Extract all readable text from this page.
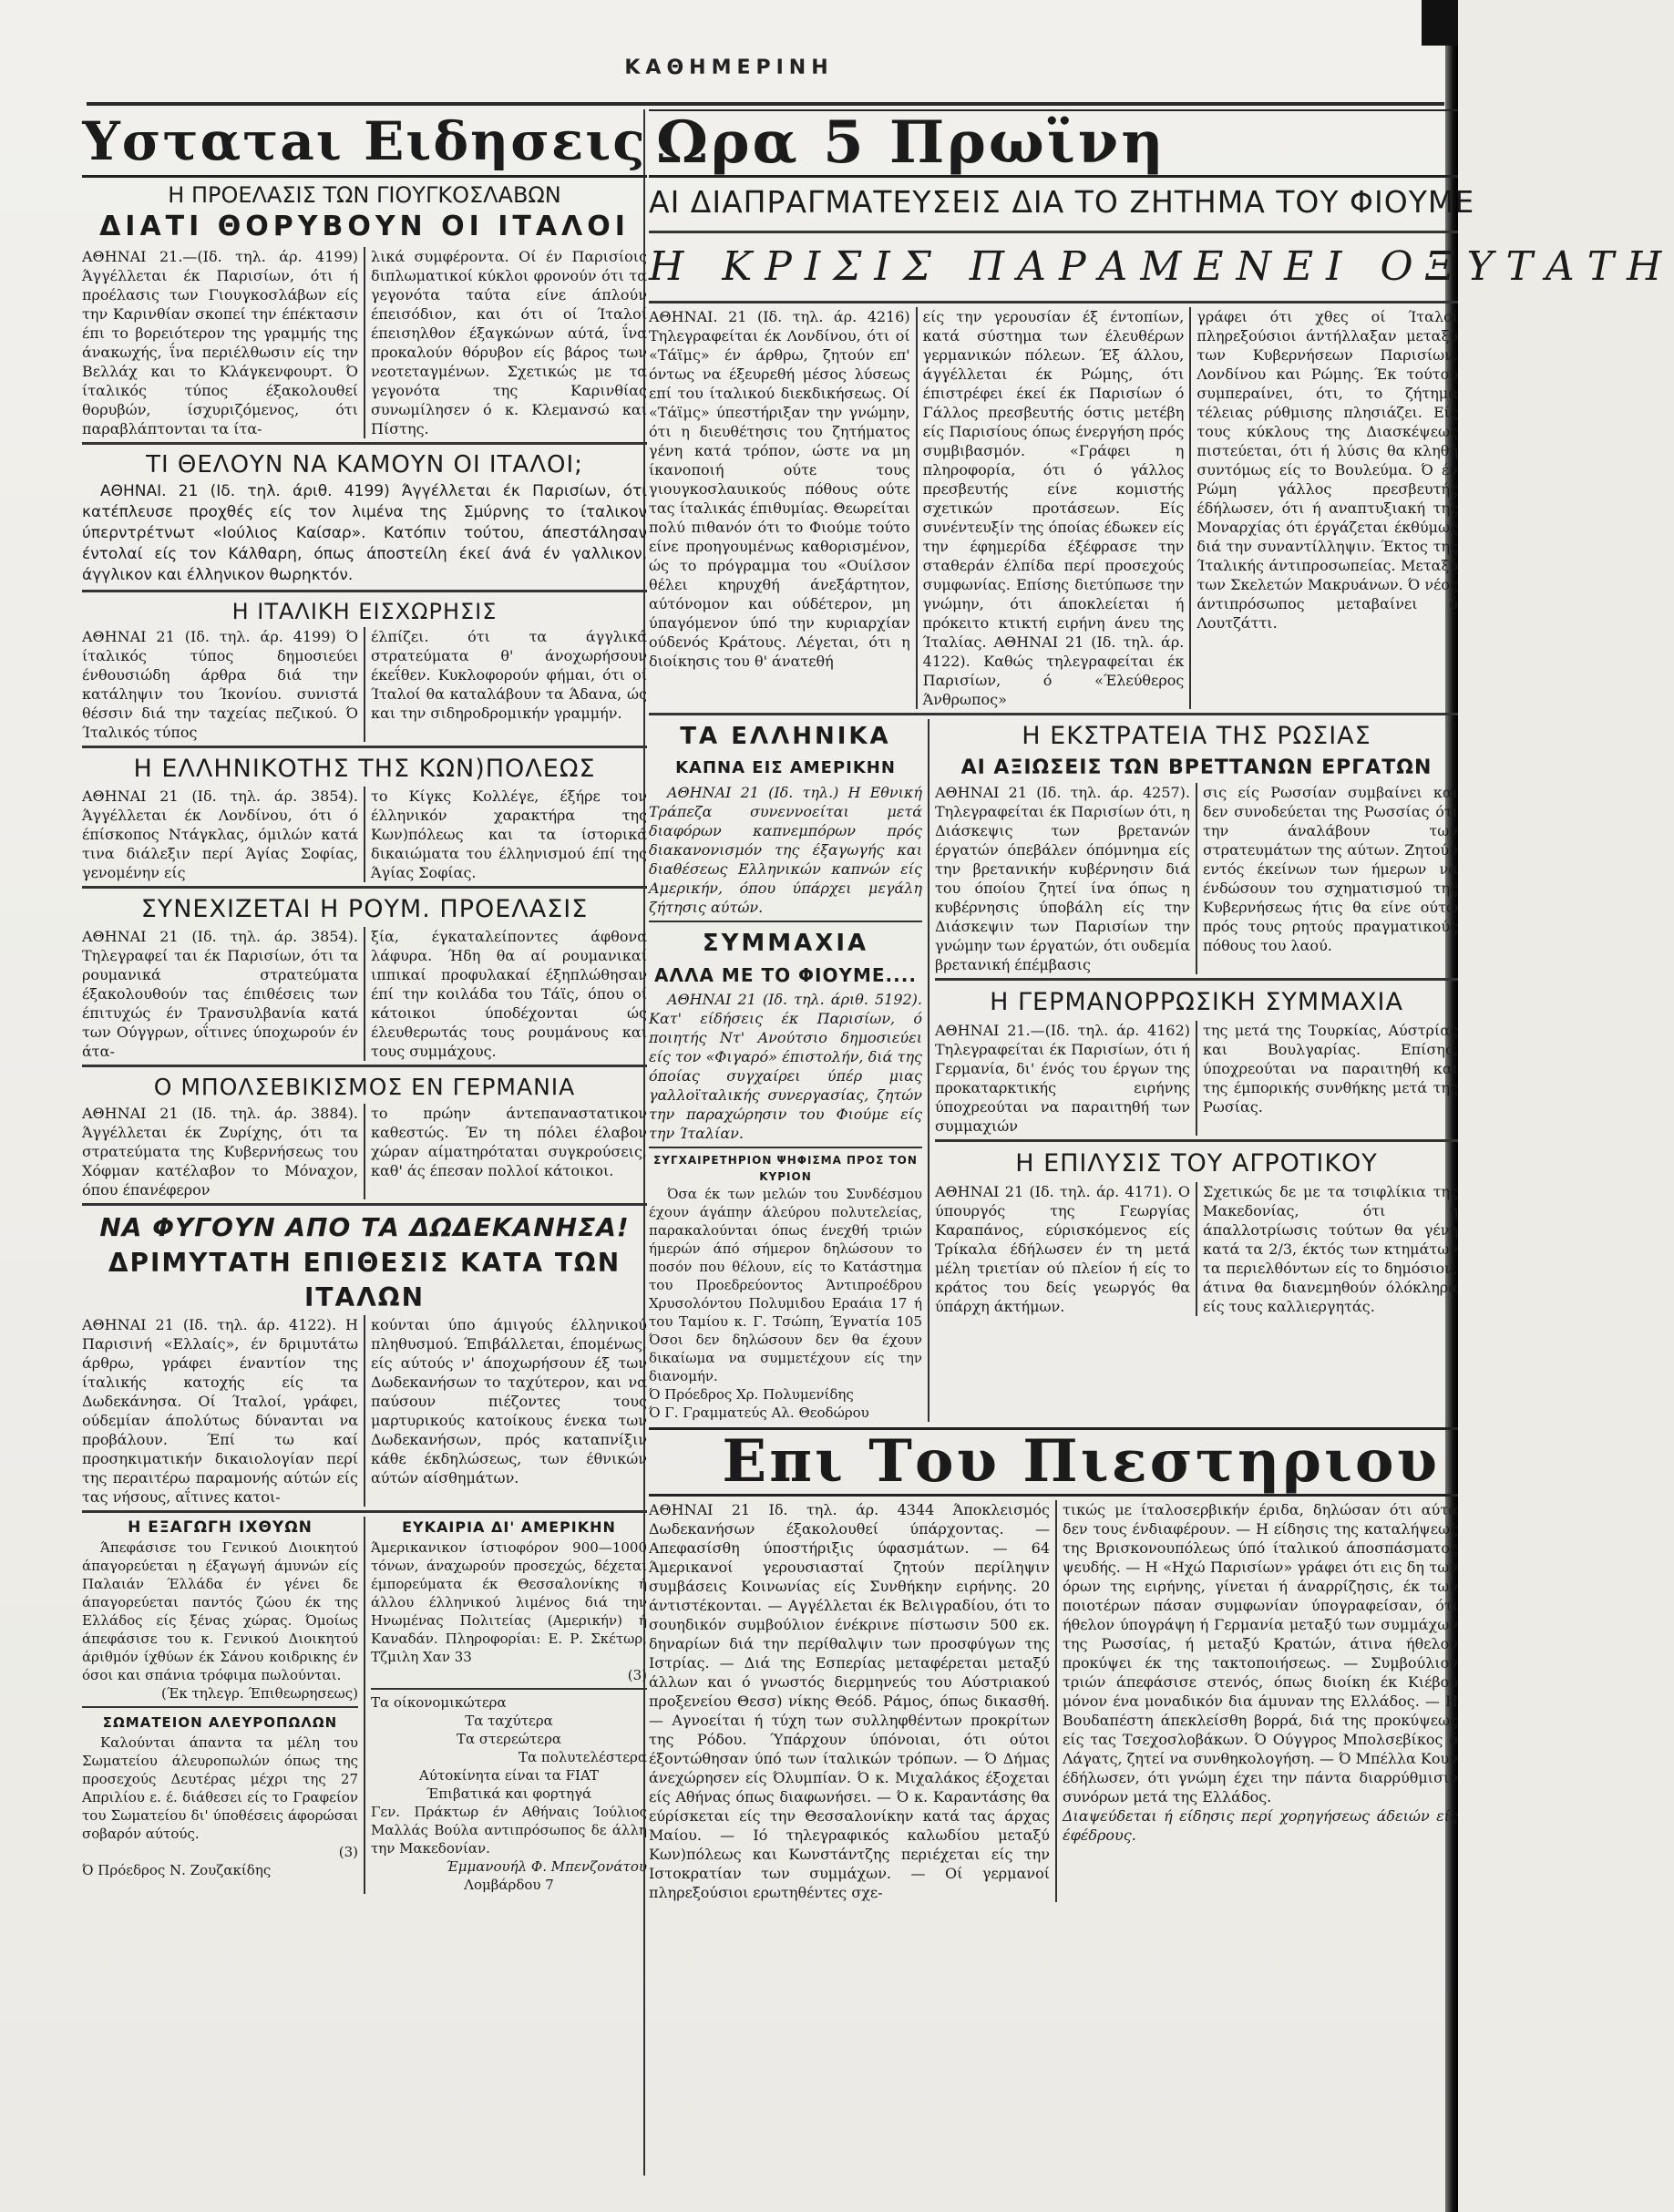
ΚΑΘΗΜΕΡΙΝΗ
Υστατaι Ειδησεις
Η ΠΡΟΕΛΑΣΙΣ ΤΩΝ ΓΙΟΥΓΚΟΣΛΑΒΩΝ
ΔΙΑΤΙ ΘΟΡΥΒΟΥΝ ΟΙ ΙΤΑΛΟΙ

ΑΘΗΝΑΙ 21.—(Ιδ. τηλ. άρ. 4199) Άγγέλλεται έκ Παρισίων, ότι ή προέλασις των Γιουγκοσλάβων είς την Καρινθίαν σκοπεί την έπέκτασιν έπι το βορειότερον της γραμμής της άνακωχής, ΐνα περιέλθωσιν είς την Βελλάχ και το Κλάγκενφουρτ. Ό ίταλικός τύπος έξακολουθεί θορυβών, ίσχυριζόμενος, ότι παραβλάπτονται τα ίτα-

λικά συμφέροντα. Οί έν Παρισίοις διπλωματικοί κύκλοι φρονούν ότι τα γεγονότα ταύτα είνε άπλούν έπεισόδιον, και ότι οί Ίταλοί έπεισηλθον έξαγκώνων αύτά, ΐνα προκαλούν θόρυβον είς βάρος των νεοτεταγμένων. Σχετικώς με τα γεγονότα της Καρινθίας συνωμίλησεν ό κ. Κλεμανσώ και Πίστης.

ΤΙ ΘΕΛΟΥΝ ΝΑ ΚΑΜΟΥΝ ΟΙ ΙΤΑΛΟΙ;

ΑΘΗΝΑΙ. 21 (Ιδ. τηλ. άριθ. 4199) Άγγέλλεται έκ Παρισίων, ότι κατέπλευσε προχθές είς τον λιμένα της Σμύρνης το ίταλικον ύπερντρέτνωτ «Ιούλιος Καίσαρ». Κατόπιν τούτου, άπεστάλησαν έντολαί είς τον Κάλθαρη, όπως άποστείλη έκεί άνά έν γαλλικον, άγγλικον και έλληνικον θωρηκτόν.

Η ΙΤΑΛΙΚΗ ΕΙΣΧΩΡΗΣΙΣ

ΑΘΗΝΑΙ 21 (Ιδ. τηλ. άρ. 4199) Ό ίταλικός τύπος δημοσιεύει ένθουσιώδη άρθρα διά την κατάληψιν του Ίκονίου. συνιστά θέσσιν διά την ταχείας πεζικού. Ό Ίταλικός τύπος

έλπίζει. ότι τα άγγλικά στρατεύματα θ' άνοχωρήσουν έκεΐθεν. Κυκλοφορούν φήμαι, ότι οί Ίταλοί θα καταλάβουν τα Άδανα, ώς και την σιδηροδρομικήν γραμμήν.

Η ΕΛΛΗΝΙΚΟΤΗΣ ΤΗΣ ΚΩΝ)ΠΟΛΕΩΣ

ΑΘΗΝΑΙ 21 (Ιδ. τηλ. άρ. 3854). Άγγέλλεται έκ Λονδίνου, ότι ό έπίσκοπος Ντάγκλας, όμιλών κατά τινα διάλεξιν περί Άγίας Σοφίας, γενομένην είς

το Κίγκς Κολλέγε, έξήρε τον έλληνικόν χαρακτήρα της Κων)πόλεως και τα ίστορικά δικαιώματα του έλληνισμού έπί της Άγίας Σοφίας.

ΣΥΝΕΧΙΖΕΤΑΙ Η ΡΟΥΜ. ΠΡΟΕΛΑΣΙΣ

ΑΘΗΝΑΙ 21 (Ιδ. τηλ. άρ. 3854). Τηλεγραφεί ται έκ Παρισίων, ότι τα ρουμανικά στρατεύματα έξακολουθούν τας έπιθέσεις των έπιτυχώς έν Τρανσυλβανία κατά των Ούγγρων, οΐτινες ύποχωρούν έν άτα-

ξία, έγκαταλείποντες άφθονα λάφυρα. Ήδη θα αί ρουμανικαί ιππικαί προφυλακαί έξηπλώθησαν έπί την κοιλάδα του Τάϊς, όπου οί κάτοικοι ύποδέχονται ώς έλευθερωτάς τους ρουμάνους και τους συμμάχους.

Ο ΜΠΟΛΣΕΒΙΚΙΣΜΟΣ ΕΝ ΓΕΡΜΑΝΙΑ

ΑΘΗΝΑΙ 21 (Ιδ. τηλ. άρ. 3884). Άγγέλλεται έκ Ζυρίχης, ότι τα στρατεύματα της Κυβερνήσεως του Χόφμαν κατέλαβον το Μόναχον, όπου έπανέφερον

το πρώην άντεπαναστατικον καθεστώς. Έν τη πόλει έλαβον χώραν αίματηρόταται συγκρούσεις, καθ' άς έπεσαν πολλοί κάτοικοι.

ΝΑ ΦΥΓΟΥΝ ΑΠΟ ΤΑ ΔΩΔΕΚΑΝΗΣΑ!
ΔΡΙΜΥΤΑΤΗ ΕΠΙΘΕΣΙΣ ΚΑΤΑ ΤΩΝ ΙΤΑΛΩΝ

ΑΘΗΝΑΙ 21 (Ιδ. τηλ. άρ. 4122). Η Παρισινή «Ελλαίς», έν δριμυτάτω άρθρω, γράφει έναντίον της ίταλικής κατοχής είς τα Δωδεκάνησα. Οί Ίταλοί, γράφει, ούδεμίαν άπολύτως δύνανται να προβάλουν. Έπί τω καί προσηκιματικήν δικαιολογίαν περί της περαιτέρω παραμονής αύτών είς τας νήσους, αΐτινες κατοι-

κούνται ύπο άμιγούς έλληνικού πληθυσμού. Έπιβάλλεται, έπομένως, είς αύτούς ν' άποχωρήσουν έξ των Δωδεκανήσων το ταχύτερον, και να παύσουν πιέζοντες τους μαρτυρικούς κατοίκους ένεκα των Δωδεκανήσων, πρός καταπνίξιν κάθε έκδηλώσεως, των έθνικών αύτών αίσθημάτων.

Η ΕΞΑΓΩΓΗ ΙΧΘΥΩΝ

Άπεφάσισε του Γενικού Διοικητού άπαγορεύεται η έξαγωγή άμυνών είς Παλαιάν Έλλάδα έν γένει δε άπαγορεύεται παντός ζώου έκ της Ελλάδος είς ξένας χώρας. Όμοίως άπεφάσισε του κ. Γενικού Διοικητού άριθμόν ίχθύων έκ Σάνου κοιδρικης έν όσοι και σπάνια τρόφιμα πωλούνται.

(Έκ τηλεγρ. Έπιθεωρησεως)

ΣΩΜΑΤΕΙΟΝ ΑΛΕΥΡΟΠΩΛΩΝ

Καλούνται άπαντα τα μέλη του Σωματείου άλευροπωλών όπως της προσεχούς Δευτέρας μέχρι της 27 Απριλίου ε. έ. διάθεσει είς το Γραφείον του Σωματείου δι' ύποθέσεις άφορώσαι σοβαρόν αύτούς.

(3)

Ό Πρόεδρος Ν. Ζουζακίδης

ΕΥΚΑΙΡΙΑ ΔΙ' ΑΜΕΡΙΚΗΝ

Άμερικανικον ίστιοφόρον 900—1000 τόνων, άναχωρούν προσεχώς, δέχεται έμπορεύματα έκ Θεσσαλονίκης ή άλλου έλληνικού λιμένος διά την Ηνωμένας Πολιτείας (Αμερικήν) ή Καναδάν. Πληροφορίαι: Ε. Ρ. Σκέτωρ, Τζμιλη Χαν 33

(3)

Τα οίκονομικώτερα

Τα ταχύτερα

Τα στερεώτερα

Τα πολυτελέστερα

Αύτοκίνητα είναι τα FIAT

Έπιβατικά και φορτηγά

Γεν. Πράκτωρ έν Αθήναις Ίούλιος Μαλλάς Βούλα αντιπρόσωπος δε άλλη την Μακεδονίαν.

Έμμανουήλ Φ. Μπενζονάτου

Λομβάρδου 7

Ωρα 5 Πρωϊνη
ΑΙ ΔΙΑΠΡΑΓΜΑΤΕΥΣΕΙΣ ΔΙΑ ΤΟ ΖΗΤΗΜΑ ΤΟΥ ΦΙΟΥΜΕ
Η ΚΡΙΣΙΣ ΠΑΡΑΜΕΝΕΙ ΟΞΥΤΑΤΗ

ΑΘΗΝΑΙ. 21 (Ιδ. τηλ. άρ. 4216) Τηλεγραφείται έκ Λονδίνου, ότι οί «Τάϊμς» έν άρθρω, ζητούν επ' όντως να έξευρεθή μέσος λύσεως επί του ίταλικού διεκδικήσεως. Οί «Τάϊμς» ύπεστήριξαν την γνώμην, ότι η διευθέτησις του ζητήματος γένη κατά τρόπον, ώστε να μη ίκανοποιή ούτε τους γιουγκοσλαυικούς πόθους ούτε τας ίταλικάς έπιθυμίας. Θεωρείται πολύ πιθανόν ότι το Φιούμε τούτο είνε προηγουμένως καθορισμένον, ώς το πρόγραμμα του «Ουίλσον θέλει κηρυχθή άνεξάρτητον, αύτόνομον και ούδέτερον, μη ύπαγόμενον ύπό την κυριαρχίαν ούδενός Κράτους. Λέγεται, ότι η διοίκησις του θ' άνατεθή

είς την γερουσίαν έξ έντοπίων, κατά σύστημα των έλευθέρων γερμανικών πόλεων. Έξ άλλου, άγγέλλεται έκ Ρώμης, ότι έπιστρέφει έκεί έκ Παρισίων ό Γάλλος πρεσβευτής όστις μετέβη είς Παρισίους όπως ένεργήση πρός συμβιβασμόν. «Γράφει η πληροφορία, ότι ό γάλλος πρεσβευτής είνε κομιστής σχετικών προτάσεων. Είς συνέντευξίν της όποίας έδωκεν είς την έφημερίδα έξέφρασε την σταθεράν έλπίδα περί προσεχούς συμφωνίας. Επίσης διετύπωσε την γνώμην, ότι άποκλείεται ή πρόκειτο κτικτή ειρήνη άνευ της Ίταλίας. ΑΘΗΝΑΙ 21 (Ιδ. τηλ. άρ. 4122). Καθώς τηλεγραφείται έκ Παρισίων, ό «Έλεύθερος Άνθρωπος»

γράφει ότι χθες οί Ίταλοί πληρεξούσιοι άντήλλαξαν μεταξύ των Κυβερνήσεων Παρισίων, Λονδίνου και Ρώμης. Έκ τούτου συμπεραίνει, ότι, το ζήτημα τέλειας ρύθμισης πλησιάζει. Είς τους κύκλους της Διασκέψεως πιστεύεται, ότι ή λύσις θα κληθή συντόμως είς το Βουλεύμα. Ό έν Ρώμη γάλλος πρεσβευτής έδήλωσεν, ότι ή αναπτυξιακή της Μοναρχίας ότι έργάζεται έκθύμως διά την συναντίλληψιν. Έκτος της Ίταλικής άντιπροσωπείας. Μεταξύ των Σκελετών Μακρυάνων. Ό νέος άντιπρόσωπος μεταβαίνει ό Λουτζάττι.

ΤΑ ΕΛΛΗΝΙΚΑ
ΚΑΠΝΑ ΕΙΣ ΑΜΕΡΙΚΗΝ

ΑΘΗΝΑΙ 21 (Ιδ. τηλ.) Η Εθνική Τράπεζα συνεννοείται μετά διαφόρων καπνεμπόρων πρός διακανονισμόν της έξαγωγής και διαθέσεως Ελληνικών καπνών είς Αμερικήν, όπου ύπάρχει μεγάλη ζήτησις αύτών.

ΣΥΜΜΑΧΙΑ
ΑΛΛΑ ΜΕ ΤΟ ΦΙΟΥΜΕ....

ΑΘΗΝΑΙ 21 (Ιδ. τηλ. άριθ. 5192). Κατ' είδήσεις έκ Παρισίων, ό ποιητής Ντ' Ανούτσιο δημοσιεύει είς τον «Φιγαρό» έπιστολήν, διά της όποίας συγχαίρει ύπέρ μιας γαλλοϊταλικής συνεργασίας, ζητών την παραχώρησιν του Φιούμε είς την Ίταλίαν.

ΣΥΓΧΑΙΡΕΤΗΡΙΟΝ ΨΗΦΙΣΜΑ ΠΡΟΣ ΤΟΝ ΚΥΡΙΟΝ

Όσα έκ των μελών του Συνδέσμου έχουν άγάπην άλεύρου πολυτελείας, παρακαλούνται όπως ένεχθή τριών ήμερών άπό σήμερον δηλώσουν το ποσόν που θέλουν, είς το Κατάστημα του Προεδρεύοντος Άντιπροέδρου Χρυσολόντου Πολυμιδου Εραάια 17 ή του Ταμίου κ. Γ. Τσώπη, Έγνατία 105 Όσοι δεν δηλώσουν δεν θα έχουν δικαίωμα να συμμετέχουν είς την διανομήν.

Ό Πρόεδρος Χρ. Πολυμενίδης

Ό Γ. Γραμματεύς Αλ. Θεοδώρου

Η ΕΚΣΤΡΑΤΕΙΑ ΤΗΣ ΡΩΣΙΑΣ
ΑΙ ΑΞΙΩΣΕΙΣ ΤΩΝ ΒΡΕΤΤΑΝΩΝ ΕΡΓΑΤΩΝ

ΑΘΗΝΑΙ 21 (Ιδ. τηλ. άρ. 4257). Τηλεγραφείται έκ Παρισίων ότι, η Διάσκεψις των βρετανών έργατών όπεβάλεν όπόμνημα είς την βρετανικήν κυβέρνησιν διά του όποίου ζητεί ίνα όπως η κυβέρνησις ύποβάλη είς την Διάσκεψιν των Παρισίων την γνώμην των έργατών, ότι ουδεμία βρετανική έπέμβασις

σις είς Ρωσσίαν συμβαίνει και δεν συνοδεύεται της Ρωσσίας ότι την άναλάβουν των στρατευμάτων της αύτων. Ζητούν εντός έκείνων των ήμερων να ένδώσουν του σχηματισμού της Κυβερνήσεως ήτις θα είνε ούτω πρός τους ρητούς πραγματικούς πόθους του λαού.

Η ΓΕΡΜΑΝΟΡΡΩΣΙΚΗ ΣΥΜΜΑΧΙΑ

ΑΘΗΝΑΙ 21.—(Ιδ. τηλ. άρ. 4162) Τηλεγραφείται έκ Παρισίων, ότι ή Γερμανία, δι' ένός του έργων της προκαταρκτικής ειρήνης ύποχρεούται να παραιτηθή των συμμαχιών

της μετά της Τουρκίας, Αύστρίας και Βουλγαρίας. Επίσης, ύποχρεούται να παραιτηθή και της έμπορικής συνθήκης μετά της Ρωσίας.

Η ΕΠΙΛΥΣΙΣ ΤΟΥ ΑΓΡΟΤΙΚΟΥ

ΑΘΗΝΑΙ 21 (Ιδ. τηλ. άρ. 4171). Ο ύπουργός της Γεωργίας Καραπάνος, εύρισκόμενος είς Τρίκαλα έδήλωσεν έν τη μετά μέλη τριετίαν ού πλείον ή είς το κράτος του δείς γεωργός θα ύπάρχη άκτήμων.

Σχετικώς δε με τα τσιφλίκια της Μακεδονίας, ότι ή άπαλλοτρίωσις τούτων θα γένη κατά τα 2/3, έκτός των κτημάτων τα περιελθόντων είς το δημόσιον, άτινα θα διανεμηθούν όλόκληρα είς τους καλλιεργητάς.

Επι Του Πιεστηριου

ΑΘΗΝΑΙ 21 Ιδ. τηλ. άρ. 4344 Άποκλεισμός Δωδεκανήσων έξακολουθεί ύπάρχοντας. — Απεφασίσθη ύποστήριξις ύφασμάτων. — 64 Άμερικανοί γερουσιασταί ζητούν περίληψιν συμβάσεις Κοινωνίας είς Συνθήκην ειρήνης. 20 άντιστέκονται. — Αγγέλλεται έκ Βελιγραδίου, ότι το σουηδικόν συμβούλιον ένέκρινε πίστωσιν 500 εκ. δηναρίων διά την περίθαλψιν των προσφύγων της Ιστρίας. — Διά της Εσπερίας μεταφέρεται μεταξύ άλλων και ό γνωστός διερμηνεύς του Αύστριακού προξενείου Θεσσ) νίκης Θεόδ. Ράμος, όπως δικασθή. — Αγνοείται ή τύχη των συλληφθέντων προκρίτων της Ρόδου. Ύπάρχουν ύπόνοιαι, ότι ούτοι έξοντώθησαν ύπό των ίταλικών τρόπων. — Ό Δήμας άνεχώρησεν είς Όλυμπίαν. Ό κ. Μιχαλάκος έξοχεται είς Αθήνας όπως διαφωνήσει. — Ό κ. Καραντάσης θα εύρίσκεται είς την Θεσσαλονίκην κατά τας άρχας Μαίου. — Ιό τηλεγραφικός καλωδίου μεταξύ Κων)πόλεως και Κωνστάντζης περιέχεται είς την Ιστοκρατίαν των συμμάχων. — Οί γερμανοί πληρεξούσιοι ερωτηθέντες σχε-

τικώς με ίταλοσερβικήν έριδα, δηλώσαν ότι αύτά δεν τους ένδιαφέρουν. — Η είδησις της καταλήψεως της Βρισκονουπόλεως ύπό ίταλικού άποσπάσματος ψευδής. — Η «Ηχώ Παρισίων» γράφει ότι εις δη των όρων της ειρήνης, γίνεται ή άναρρίζησις, έκ των ποιοτέρων πάσαν συμφωνίαν ύπογραφείσαν, ότι ήθελον ύπογράψη ή Γερμανία μεταξύ των συμμάχων της Ρωσσίας, ή μεταξύ Κρατών, άτινα ήθελον προκύψει έκ της τακτοποιήσεως. — Συμβούλιον τριών άπεφάσισε στενός, όπως διοίκη έκ Κιέβου μόνον ένα μοναδικόν δια άμυναν της Ελλάδος. — Η Βουδαπέστη άπεκλείσθη βορρά, διά της προκύψεως είς τας Τσεχοσλοβάκων. Ό Ούγγρος Μπολσεβίκος ό Λάγατς, ζητεί να συνθηκολογήση. — Ό Μπέλλα Κουν έδήλωσεν, ότι γνώμη έχει την πάντα διαρρύθμισιν συνόρων μετά της Ελλάδος.

Διαψεύδεται ή είδησις περί χορηγήσεως άδειών είς έφέδρους.
